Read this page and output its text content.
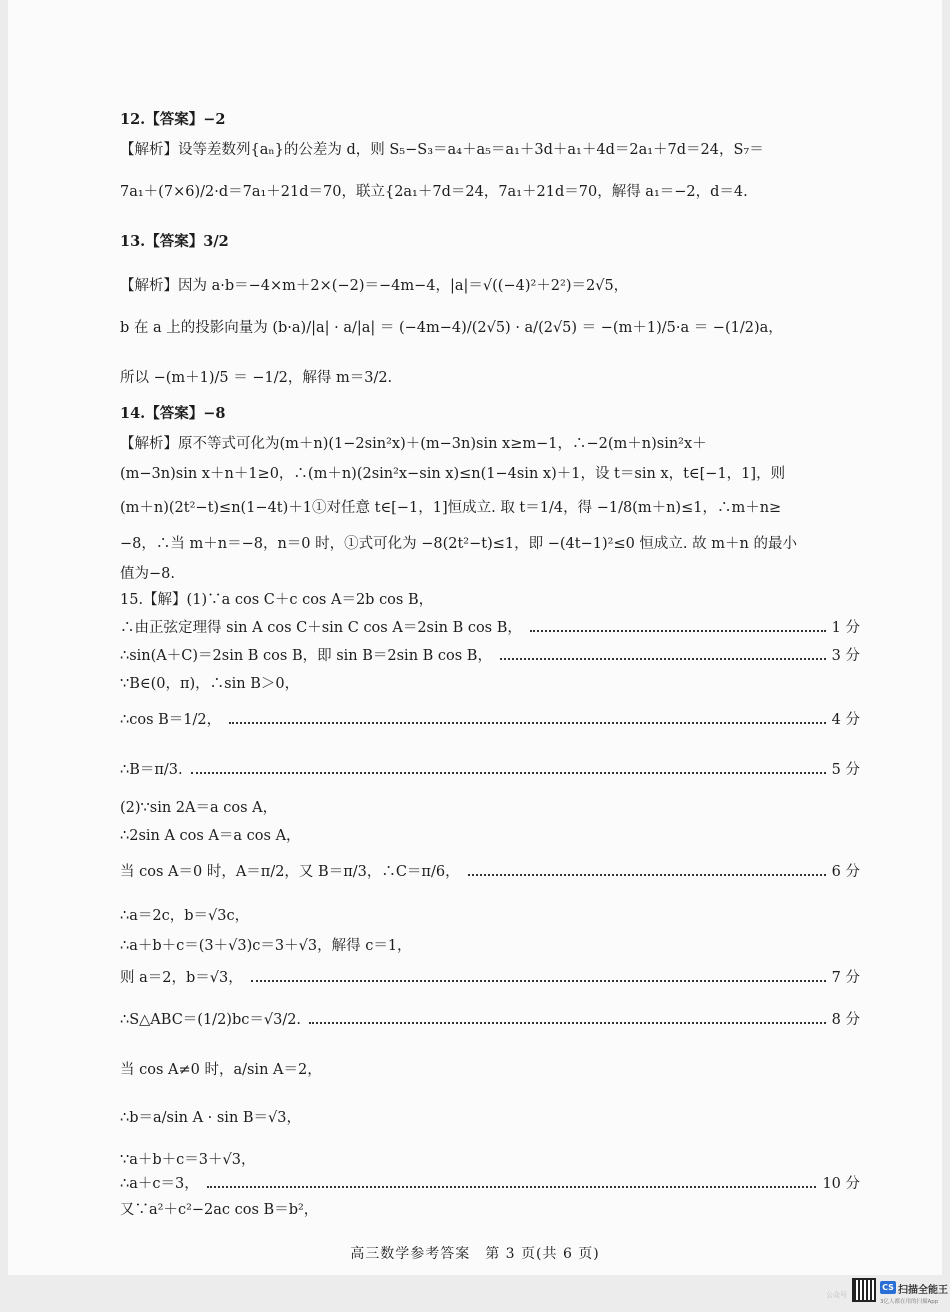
12.【答案】−2
【解析】设等差数列{aₙ}的公差为 d，则 S₅−S₃＝a₄＋a₅＝a₁＋3d＋a₁＋4d＝2a₁＋7d＝24，S₇＝
7a₁＋(7×6)/2·d＝7a₁＋21d＝70，联立{2a₁＋7d＝24，7a₁＋21d＝70，解得 a₁＝−2，d＝4.
13.【答案】3/2
【解析】因为 a·b＝−4×m＋2×(−2)＝−4m−4，|a|＝√((−4)²＋2²)＝2√5，
b 在 a 上的投影向量为 (b·a)/|a| · a/|a| ＝ (−4m−4)/(2√5) · a/(2√5) ＝ −(m＋1)/5·a ＝ −(1/2)a，
所以 −(m＋1)/5 ＝ −1/2，解得 m＝3/2.
14.【答案】−8
【解析】原不等式可化为(m＋n)(1−2sin²x)＋(m−3n)sin x≥m−1，∴−2(m＋n)sin²x＋
(m−3n)sin x＋n＋1≥0，∴(m＋n)(2sin²x−sin x)≤n(1−4sin x)＋1，设 t＝sin x，t∈[−1，1]，则
(m＋n)(2t²−t)≤n(1−4t)＋1①对任意 t∈[−1，1]恒成立. 取 t＝1/4，得 −1/8(m＋n)≤1，∴m＋n≥
−8，∴当 m＋n＝−8，n＝0 时，①式可化为 −8(2t²−t)≤1，即 −(4t−1)²≤0 恒成立. 故 m＋n 的最小
值为−8.
15.【解】(1)∵a cos C＋c cos A＝2b cos B，
∴由正弦定理得 sin A cos C＋sin C cos A＝2sin B cos B，	1 分
∴sin(A＋C)＝2sin B cos B，即 sin B＝2sin B cos B，	3 分
∵B∈(0，π)，∴sin B＞0，
∴cos B＝1/2，	4 分
∴B＝π/3.	5 分
(2)∵sin 2A＝a cos A，
∴2sin A cos A＝a cos A，
当 cos A＝0 时，A＝π/2，又 B＝π/3，∴C＝π/6，	6 分
∴a＝2c，b＝√3c，
∴a＋b＋c＝(3＋√3)c＝3＋√3，解得 c＝1，
则 a＝2，b＝√3，	7 分
∴S△ABC＝(1/2)bc＝√3/2.	8 分
当 cos A≠0 时，a/sin A＝2，
∴b＝a/sin A · sin B＝√3，
∵a＋b＋c＝3＋√3，
∴a＋c＝3，	10 分
又∵a²＋c²−2ac cos B＝b²，
高三数学参考答案　第 3 页(共 6 页)
公众号
CS 扫描全能王
3亿人都在用的扫描App
